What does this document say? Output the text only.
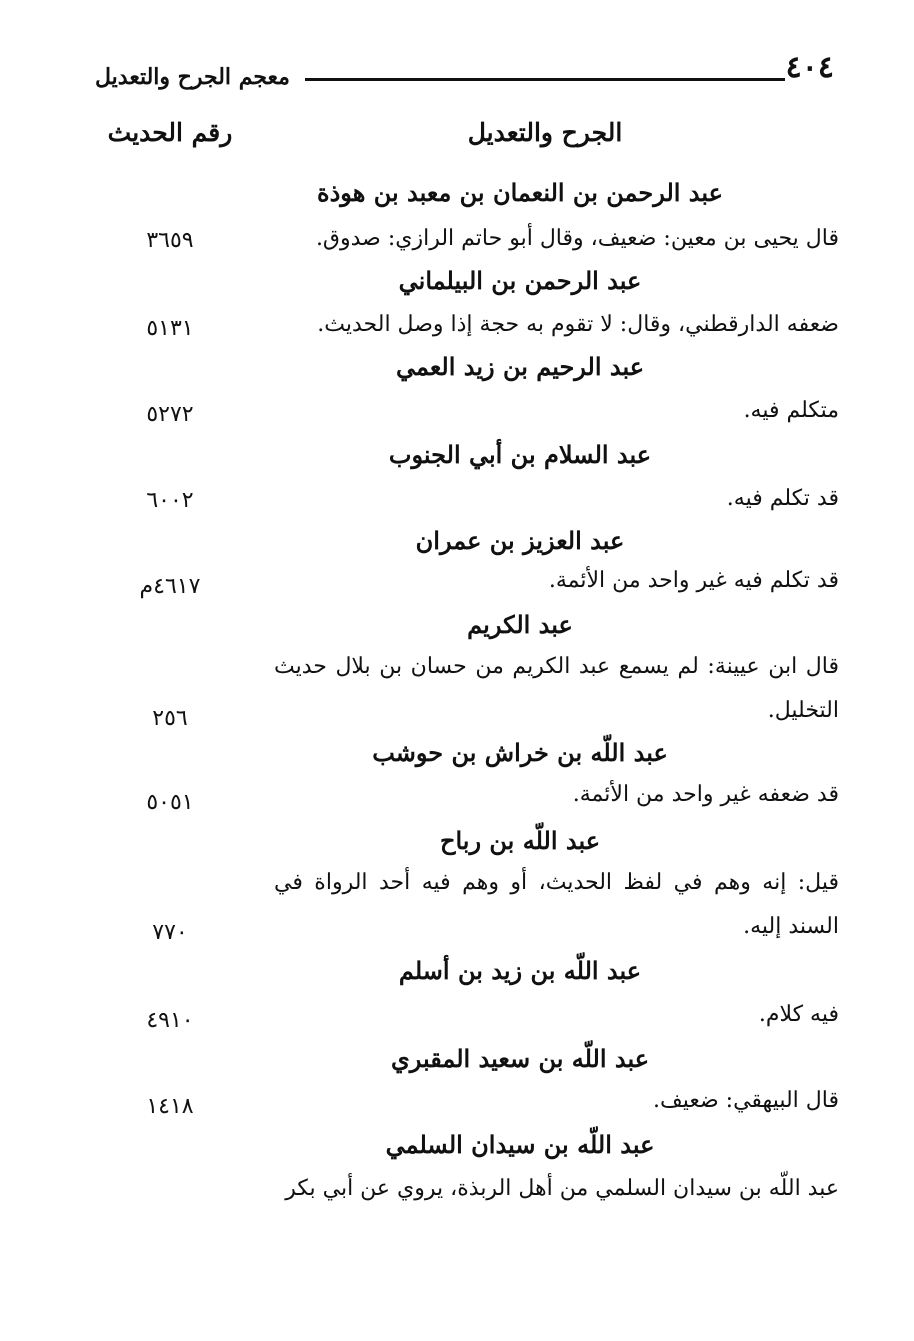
٤٠٤
معجم الجرح والتعديل
الجرح والتعديل
رقم الحديث
عبد الرحمن بن النعمان بن معبد بن هوذة
قال يحيى بن معين: ضعيف، وقال أبو حاتم الرازي: صدوق.
٣٦٥٩
عبد الرحمن بن البيلماني
ضعفه الدارقطني، وقال: لا تقوم به حجة إذا وصل الحديث.
٥١٣١
عبد الرحيم بن زيد العمي
متكلم فيه.
٥٢٧٢
عبد السلام بن أبي الجنوب
قد تكلم فيه.
٦٠٠٢
عبد العزيز بن عمران
قد تكلم فيه غير واحد من الأئمة.
٤٦١٧م
عبد الكريم
قال ابن عيينة: لم يسمع عبد الكريم من حسان بن بلال حديث
التخليل.
٢٥٦
عبد اللّه بن خراش بن حوشب
قد ضعفه غير واحد من الأئمة.
٥٠٥١
عبد اللّه بن رباح
قيل: إنه وهم في لفظ الحديث، أو وهم فيه أحد الرواة في
السند إليه.
٧٧٠
عبد اللّه بن زيد بن أسلم
فيه كلام.
٤٩١٠
عبد اللّه بن سعيد المقبري
قال البيهقي: ضعيف.
١٤١٨
عبد اللّه بن سيدان السلمي
عبد اللّه بن سيدان السلمي من أهل الربذة، يروي عن أبي بكر
